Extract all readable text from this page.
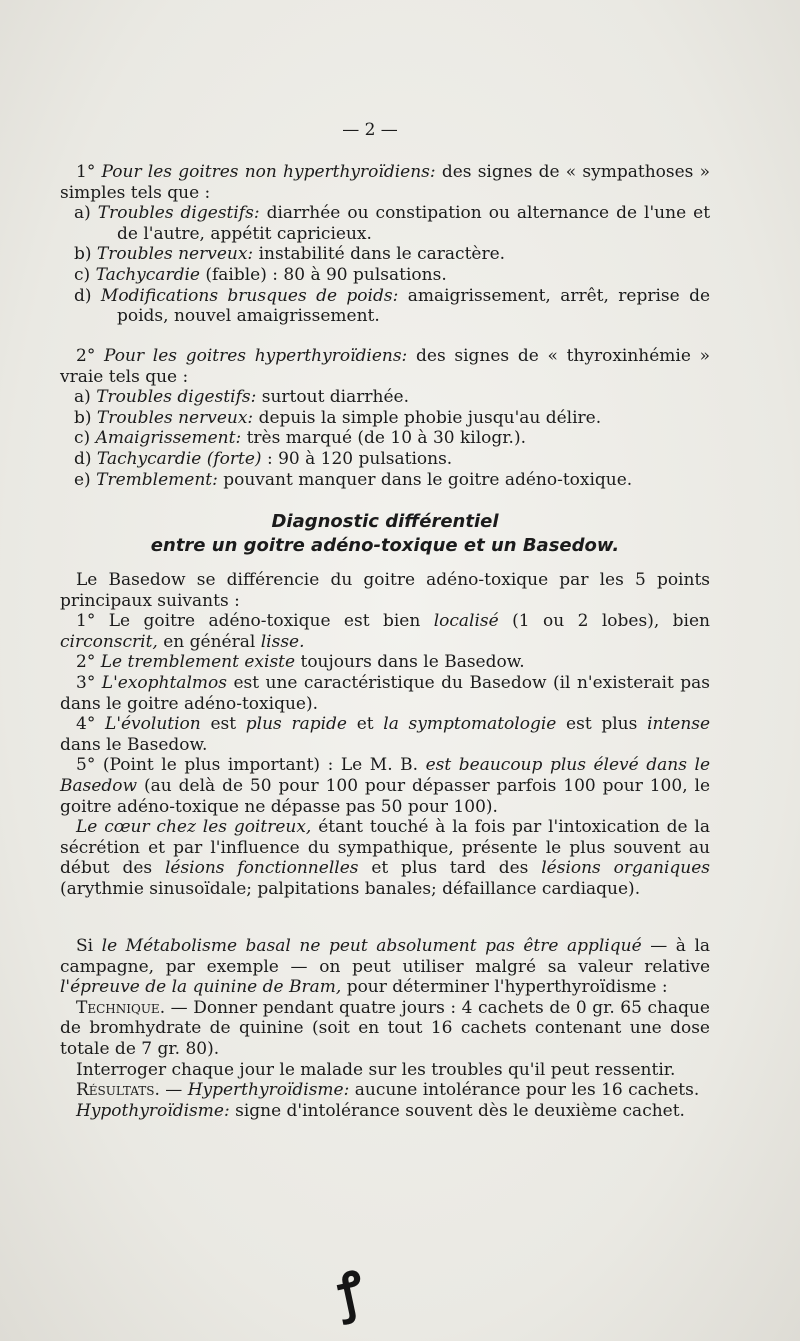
— 2 —

1° Pour les goitres non hyperthyroïdiens: des signes de « sympathoses » simples tels que :

a) Troubles digestifs: diarrhée ou constipation ou alternance de l'une et de l'autre, appétit capricieux.

b) Troubles nerveux: instabilité dans le caractère.

c) Tachycardie (faible) : 80 à 90 pulsations.

d) Modifications brusques de poids: amaigrissement, arrêt, reprise de poids, nouvel amaigrissement.

2° Pour les goitres hyperthyroïdiens: des signes de « thyroxinhémie » vraie tels que :

a) Troubles digestifs: surtout diarrhée.

b) Troubles nerveux: depuis la simple phobie jusqu'au délire.

c) Amaigrissement: très marqué (de 10 à 30 kilogr.).

d) Tachycardie (forte) : 90 à 120 pulsations.

e) Tremblement: pouvant manquer dans le goitre adéno-toxique.

Diagnostic différentiel
entre un goitre adéno-toxique et un Basedow.

Le Basedow se différencie du goitre adéno-toxique par les 5 points principaux suivants :

1° Le goitre adéno-toxique est bien localisé (1 ou 2 lobes), bien circonscrit, en général lisse.

2° Le tremblement existe toujours dans le Basedow.

3° L'exophtalmos est une caractéristique du Basedow (il n'existerait pas dans le goitre adéno-toxique).

4° L'évolution est plus rapide et la symptomatologie est plus intense dans le Basedow.

5° (Point le plus important) : Le M. B. est beaucoup plus élevé dans le Basedow (au delà de 50 pour 100 pour dépasser parfois 100 pour 100, le goitre adéno-toxique ne dépasse pas 50 pour 100).

Le cœur chez les goitreux, étant touché à la fois par l'intoxication de la sécrétion et par l'influence du sympathique, présente le plus souvent au début des lésions fonctionnelles et plus tard des lésions organiques (arythmie sinusoïdale; palpitations banales; défaillance cardiaque).

Si le Métabolisme basal ne peut absolument pas être appliqué — à la campagne, par exemple — on peut utiliser malgré sa valeur relative l'épreuve de la quinine de Bram, pour déterminer l'hyperthyroïdisme :

Technique. — Donner pendant quatre jours : 4 cachets de 0 gr. 65 chaque de bromhydrate de quinine (soit en tout 16 cachets contenant une dose totale de 7 gr. 80).

Interroger chaque jour le malade sur les troubles qu'il peut ressentir.

Résultats. — Hyperthyroïdisme: aucune intolérance pour les 16 cachets.

Hypothyroïdisme: signe d'intolérance souvent dès le deuxième cachet.

ꝭ
